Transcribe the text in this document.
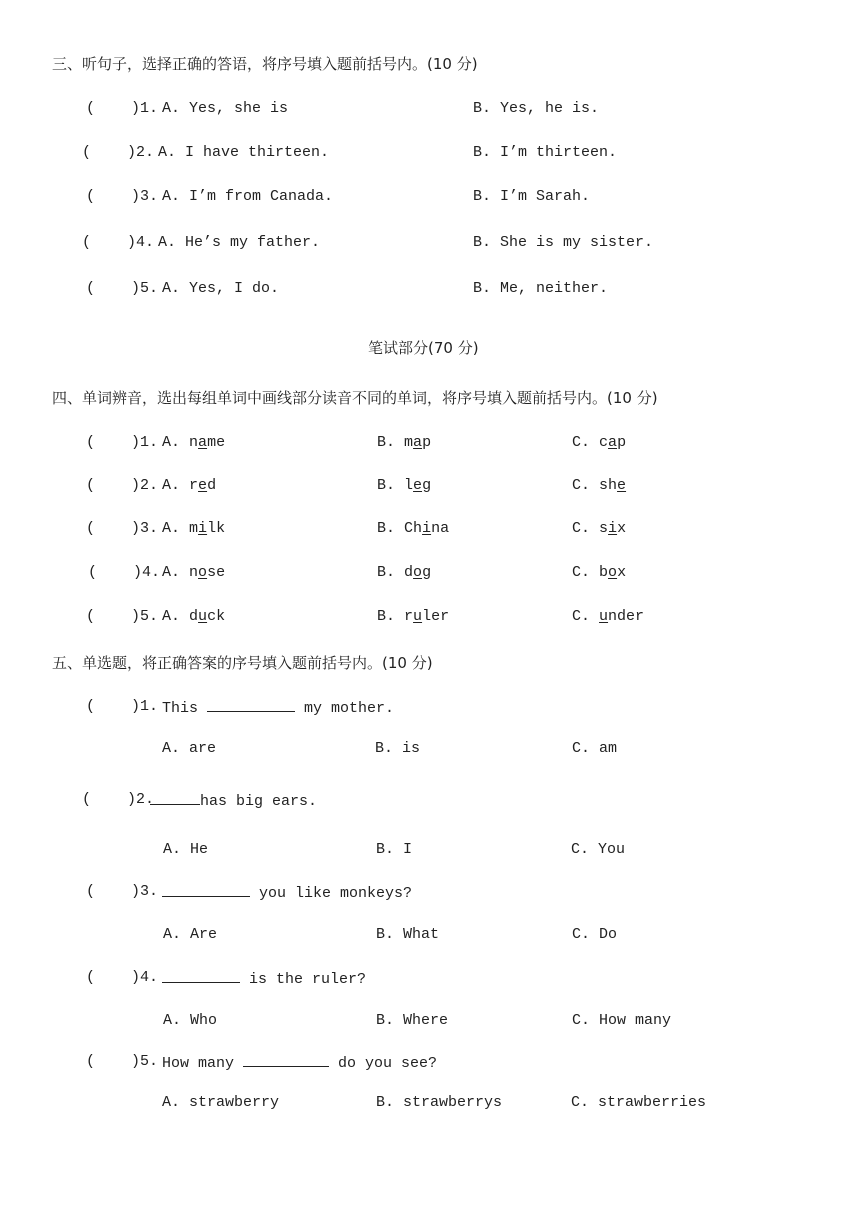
三、听句子，选择正确的答语，将序号填入题前括号内。(10 分)
(    )1. A. Yes, she is	B. Yes, he is.
(    )2. A. I have thirteen.	B. I’m thirteen.
(    )3. A. I’m from Canada.	B. I’m Sarah.
(    )4. A. He’s my father.	B. She is my sister.
(    )5. A. Yes, I do.	B. Me, neither.
笔试部分(70 分)
四、单词辨音，选出每组单词中画线部分读音不同的单词，将序号填入题前括号内。(10 分)
(    )1. A. name	B. map	C. cap
(    )2. A. red	B. leg	C. she
(    )3. A. milk	B. China	C. six
(    )4. A. nose	B. dog	C. box
(    )5. A. duck	B. ruler	C. under
五、单选题，将正确答案的序号填入题前括号内。(10 分)
(    )1. This	my mother.
A. are	B. is	C. am
(    )2.	has big ears.
A. He	B. I	C. You
(    )3.	you like monkeys?
A. Are	B. What	C. Do
(    )4.	is the ruler?
A. Who	B. Where	C. How many
(    )5. How many	do you see?
A. strawberry	B. strawberrys	C. strawberries
